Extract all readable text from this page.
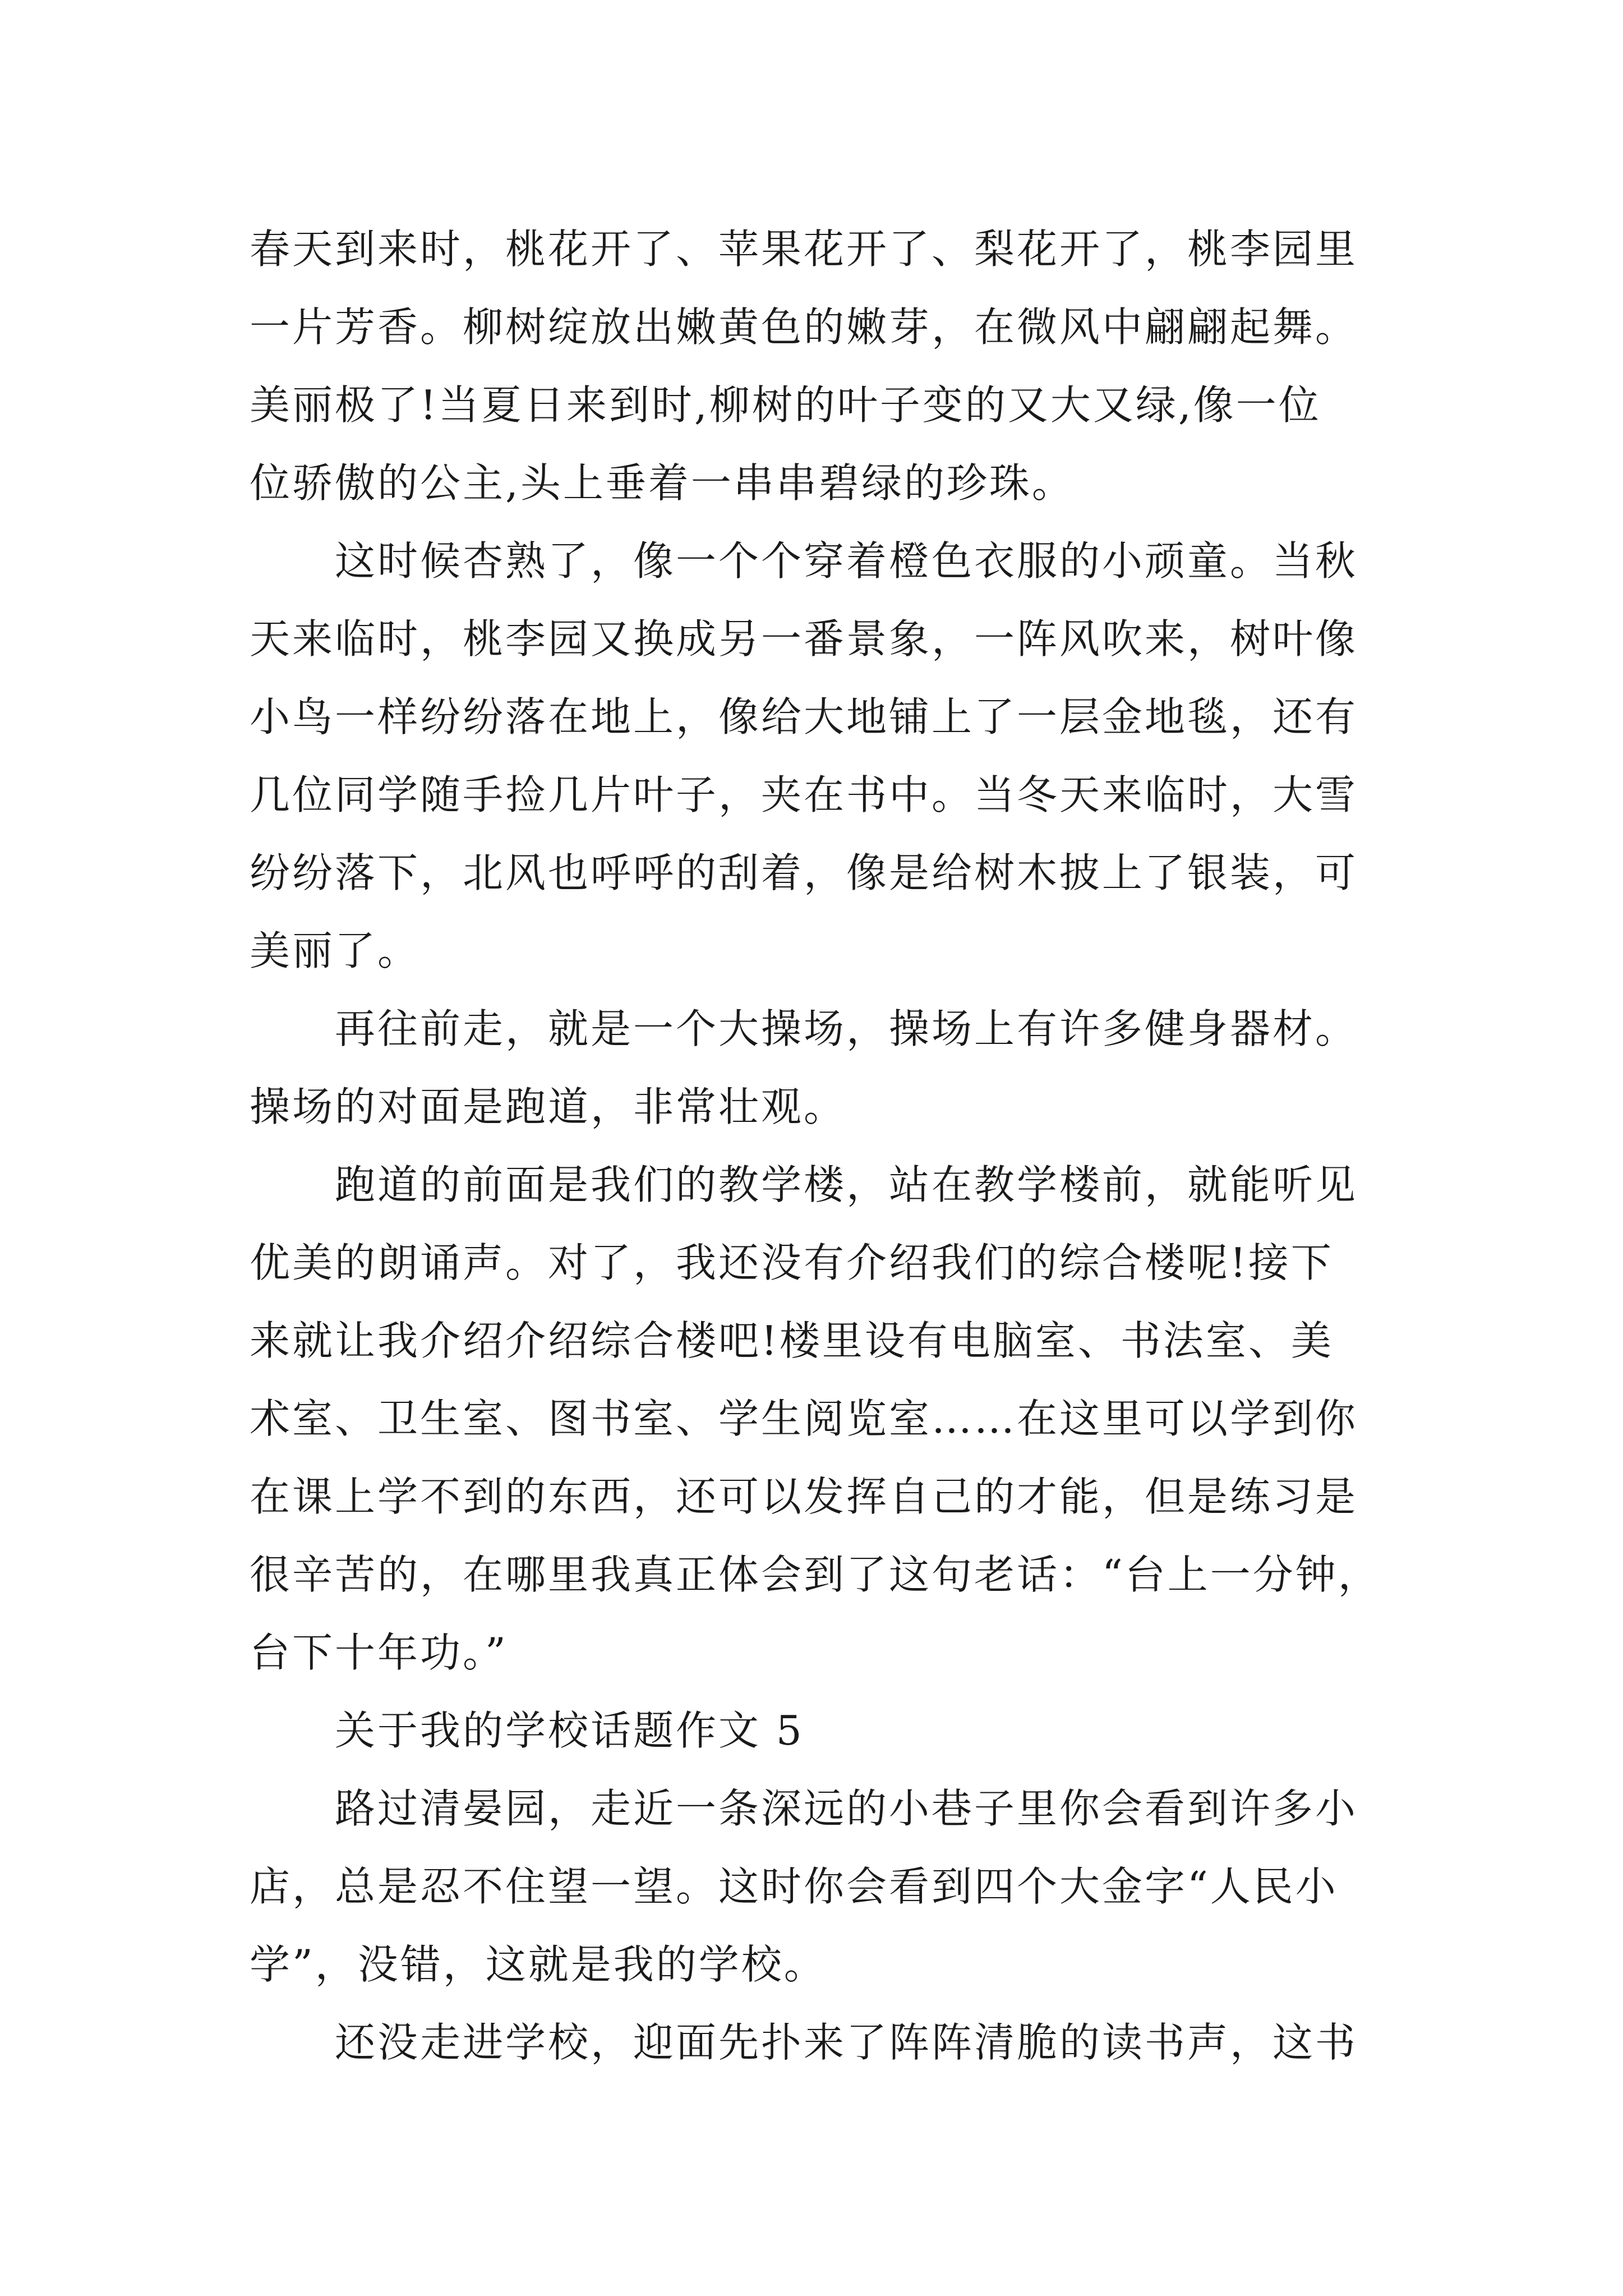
春天到来时，桃花开了、苹果花开了、梨花开了，桃李园里
一片芳香。柳树绽放出嫩黄色的嫩芽，在微风中翩翩起舞。
美丽极了!当夏日来到时,柳树的叶子变的又大又绿,像一位
位骄傲的公主,头上垂着一串串碧绿的珍珠。
　　这时候杏熟了，像一个个穿着橙色衣服的小顽童。当秋
天来临时，桃李园又换成另一番景象，一阵风吹来，树叶像
小鸟一样纷纷落在地上，像给大地铺上了一层金地毯，还有
几位同学随手捡几片叶子，夹在书中。当冬天来临时，大雪
纷纷落下，北风也呼呼的刮着，像是给树木披上了银装，可
美丽了。
　　再往前走，就是一个大操场，操场上有许多健身器材。
操场的对面是跑道，非常壮观。
　　跑道的前面是我们的教学楼，站在教学楼前，就能听见
优美的朗诵声。对了，我还没有介绍我们的综合楼呢!接下
来就让我介绍介绍综合楼吧!楼里设有电脑室、书法室、美
术室、卫生室、图书室、学生阅览室……在这里可以学到你
在课上学不到的东西，还可以发挥自己的才能，但是练习是
很辛苦的，在哪里我真正体会到了这句老话：“台上一分钟，
台下十年功。”
　　关于我的学校话题作文 5
　　路过清晏园，走近一条深远的小巷子里你会看到许多小
店，总是忍不住望一望。这时你会看到四个大金字“人民小
学”，没错，这就是我的学校。
　　还没走进学校，迎面先扑来了阵阵清脆的读书声，这书
